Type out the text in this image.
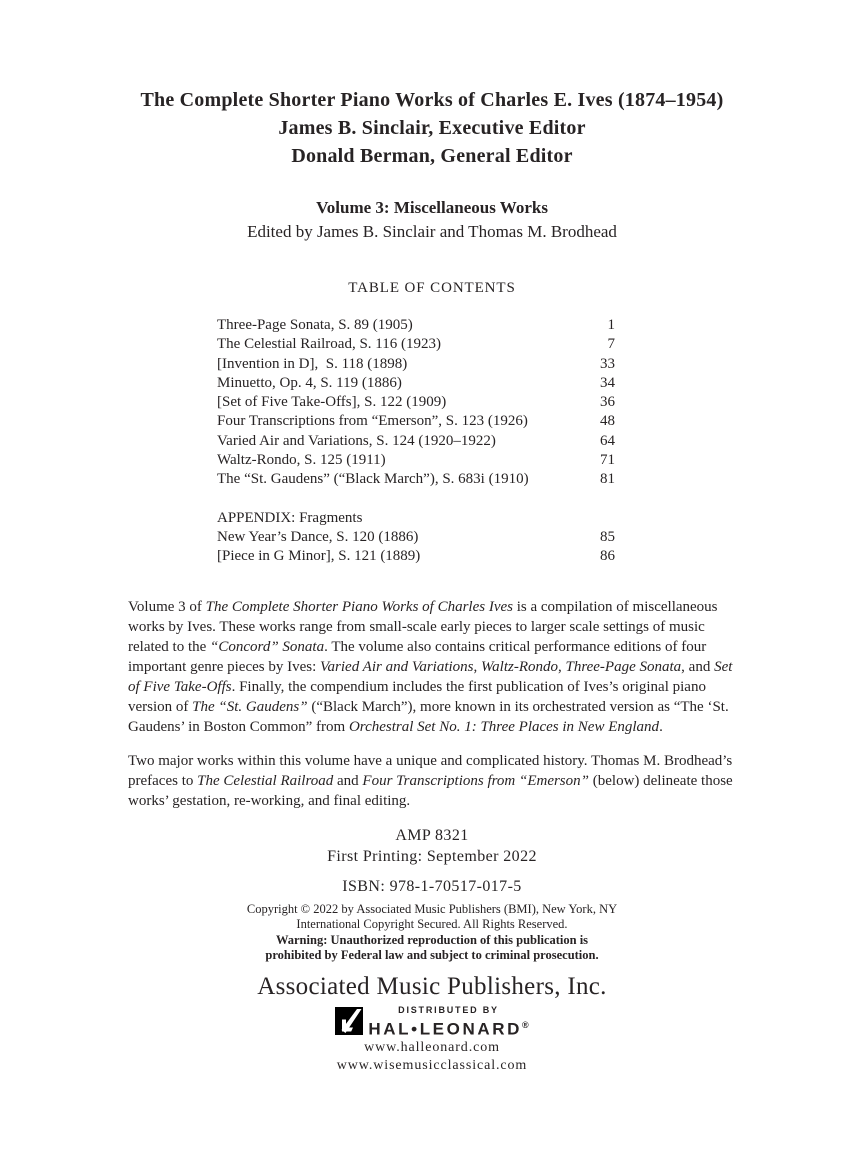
The Complete Shorter Piano Works of Charles E. Ives (1874–1954)
James B. Sinclair, Executive Editor
Donald Berman, General Editor
Volume 3: Miscellaneous Works
Edited by James B. Sinclair and Thomas M. Brodhead
TABLE OF CONTENTS
Three-Page Sonata, S. 89 (1905)	1
The Celestial Railroad, S. 116 (1923)	7
[Invention in D],  S. 118 (1898)	33
Minuetto, Op. 4, S. 119 (1886)	34
[Set of Five Take-Offs], S. 122 (1909)	36
Four Transcriptions from “Emerson”, S. 123 (1926)	48
Varied Air and Variations, S. 124 (1920–1922)	64
Waltz-Rondo, S. 125 (1911)	71
The “St. Gaudens” (“Black March”), S. 683i (1910)	81
APPENDIX: Fragments
New Year’s Dance, S. 120 (1886)	85
[Piece in G Minor], S. 121 (1889)	86

Volume 3 of The Complete Shorter Piano Works of Charles Ives is a compilation of miscellaneous works by Ives. These works range from small-scale early pieces to larger scale settings of music related to the “Concord” Sonata. The volume also contains critical performance editions of four important genre pieces by Ives: Varied Air and Variations, Waltz-Rondo, Three-Page Sonata, and Set of Five Take-Offs. Finally, the compendium includes the first publication of Ives’s original piano version of The “St. Gaudens” (“Black March”), more known in its orchestrated version as “The ‘St. Gaudens’ in Boston Common” from Orchestral Set No. 1: Three Places in New England.

Two major works within this volume have a unique and complicated history. Thomas M. Brodhead’s prefaces to The Celestial Railroad and Four Transcriptions from “Emerson” (below) delineate those works’ gestation, re-working, and final editing.

AMP 8321
First Printing: September 2022
ISBN: 978-1-70517-017-5
Copyright © 2022 by Associated Music Publishers (BMI), New York, NY
International Copyright Secured. All Rights Reserved.
Warning: Unauthorized reproduction of this publication is
prohibited by Federal law and subject to criminal prosecution.
Associated Music Publishers, Inc.
DISTRIBUTED BY
HAL•LEONARD®
www.halleonard.com
www.wisemusicclassical.com
